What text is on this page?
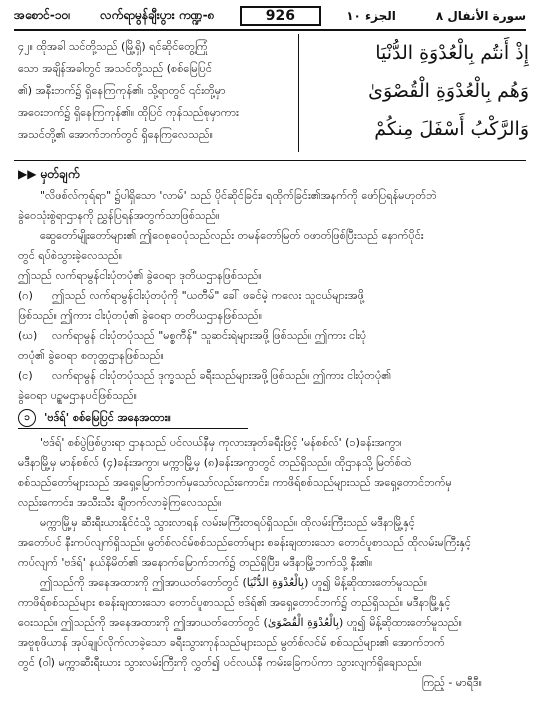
အစောင်-၁၀၊	လက်ရာမွန်ချီးပွား ကဏ္ဍ-၈	926	سورة الأنفال ٨
الجزء ١٠
إِذْ أَنتُم بِالْعُدْوَةِ الدُّنْيَا
وَهُم بِالْعُدْوَةِ الْقُصْوَىٰ
وَالرَّكْبُ أَسْفَلَ مِنكُمْ
၄၂။ ထိုအခါ သင်တို့သည် (မြို့ရှိ) ရင်ဆိုင်တွေ့ကြုံ
သော အချိန်အခါတွင် အသင်တို့သည် (စစ်မြေပြင်
၏) အနီးဘက်၌ ရှိနေကြကုန်၏၊ သို့ရာတွင် ၎င်းတို့မှာ
အဝေးဘက်၌ ရှိနေကြကုန်၏။ ထိုပြင် ကုန်သည်စုမှာကား
အသင်တို့၏ အောက်ဘက်တွင် ရှိနေကြလေသည်။
▶▶ မှတ်ချက်

"လိဖစ်လ်ကုရ်ရာ" ၌ပါရှိသော 'လာမ်' သည် ပိုင်ဆိုင်ခြင်း၊ ရထိုက်ခြင်း၏အနက်ကို ဖော်ပြရန်မဟုတ်ဘဲ

ခွဲဝေသုံးစွဲရာဌာနကို ညွှန်ပြရန်အတွက်သာဖြစ်သည်။

ဆွေတော်မျိုးတော်များ၏ ဤဝေစုဝေပုံသည်လည်း တမန်တော်မြတ် ဝဖာတ်ဖြစ်ပြီးသည် နောက်ပိုင်း

တွင် ရပ်စဲသွားခဲ့လေသည်။

ဤသည် လက်ရာမွန်ငါးပုံတပုံ၏ ခွဲဝေရာ ဒုတိယဌာနဖြစ်သည်။

(ဂ)	ဤသည် လက်ရာမွန်ငါးပုံတပုံကို "ယတီမ်" ခေါ် ဖခင်မဲ့ ကလေး သူငယ်များအဖို့

ဖြစ်သည်။ ဤကား ငါးပုံတပုံ၏ ခွဲဝေရာ တတိယဌာနဖြစ်သည်။

(ဃ)	လက်ရာမွန် ငါးပုံတပုံသည် "မစ္စကီန်" သူဆင်းရဲများအဖို့ ဖြစ်သည်။ ဤကား ငါးပုံ

တပုံ၏ ခွဲဝေရာ စတုတ္ထဌာနဖြစ်သည်။

(င)	လက်ရာမွန် ငါးပုံတပုံသည် ဒုက္ခသည် ခရီးသည်များအဖို့ဖြစ်သည်။ ဤကား ငါးပုံတပုံ၏

ခွဲဝေရာ ပဉ္စမဌာနပင်ဖြစ်သည်။

၁	'ဗဒ်ရ်' စစ်မြေပြင် အနေအထား။

'ဗဒ်ရ်' စစ်ပွဲဖြစ်ပွားရာ ဌာနသည် ပင်လယ်နီမှ ကုလားအုတ်ခရီးဖြင့် 'မန်စစ်လ်' (၁)ခန်းအကွာ၊

မဒီနာမြို့မှ မာန်စစ်လ် (၄)ခန်းအကွာ၊ မက္ကာမြို့မှ (၈)ခန်းအကွာတွင် တည်ရှိသည်။ ထိုဌာနသို့ မြတ်စ်ထဲ

စစ်သည်တော်များသည် အရှေ့မြောက်ဘက်မှသော်လည်းကောင်း၊ ကာဖိရ်စစ်သည်များသည် အရှေ့တောင်ဘက်မှ

လည်းကောင်း၊ အသီးသီး ချီတက်လာခဲ့ကြလေသည်။

မက္ကာမြို့မှ ဆီးရီးယားနိုင်ငံသို့ သွားလာရန် လမ်းမကြီးတရပ်ရှိသည်။ ထိုလမ်းကြီးသည် မဒီနာမြို့နှင့်

အတော်ပင် နီးကပ်လျက်ရှိသည်။ မွတ်စ်လင်မ်စစ်သည်တော်များ စခန်းချထားသော တောင်ပူစာသည် ထိုလမ်းမကြီးနှင့်

ကပ်လျက် 'ဗဒ်ရ်' နယ်နိမိတ်၏ အနောက်မြောက်ဘက်၌ တည်ရှိပြီး၊ မဒီနာမြို့ဘက်သို့ နီး၏။

ဤသည်ကို အနေအထားကို ဤအာယတ်တော်တွင် (بِالْعُدْوَةِ الدُّنْيَا) ဟူ၍ မိန့်ဆိုထားတော်မူသည်။

ကာဖိရ်စစ်သည်များ စခန်းချထားသော တောင်ပူစာသည် ဗဒ်ရ်၏ အရှေ့တောင်ဘက်၌ တည်ရှိသည်။ မဒီနာမြို့နှင့်

ဝေးသည်။ ဤသည်ကို အနေအထားကို ဤအာယတ်တော်တွင် (بِالْعُدْوَةِ الْقُصْوَىٰ) ဟူ၍ မိန့်ဆိုထားတော်မူသည်။

အဗူစုဖိယာန် အုပ်ချုပ်လိုက်လာခဲ့သော ခရီးသွားကုန်သည်များသည် မွတ်စ်လင်မ် စစ်သည်များ၏ အောက်ဘက်

တွင် (ဝါ) မက္ကာဆီးရီးယား သွားလမ်းကြီးကို လွှတ်၍ ပင်လယ်နီ ကမ်းခြေကပ်ကာ သွားလျက်ရှိချေသည်။

ကြည့် - မာရီဒီ။
